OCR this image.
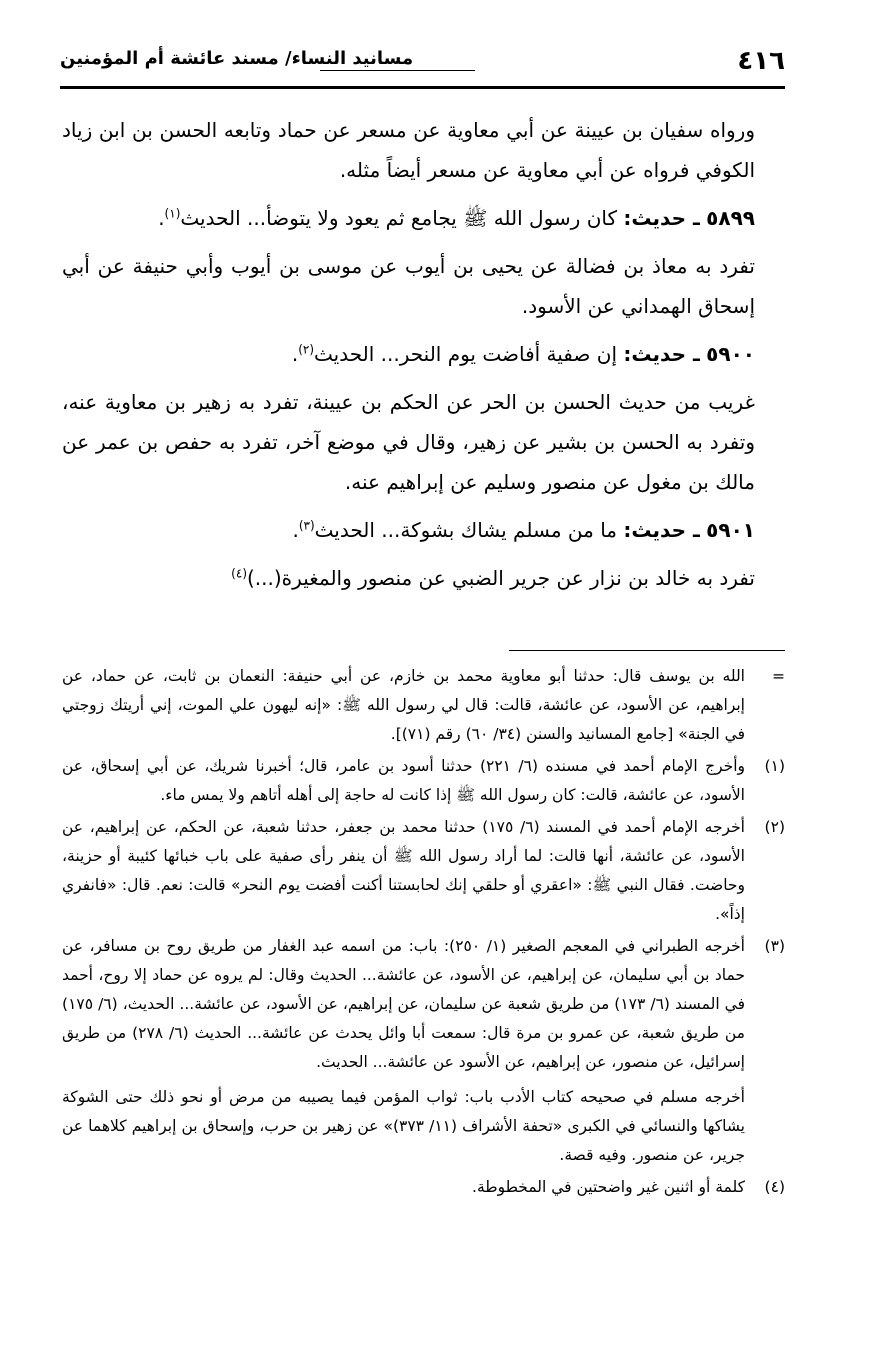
٤١٦
مسانيد النساء/ مسند عائشة أم المؤمنين

ورواه سفيان بن عيينة عن أبي معاوية عن مسعر عن حماد وتابعه الحسن بن ابن زياد الكوفي فرواه عن أبي معاوية عن مسعر أيضاً مثله.

٥٨٩٩ ـ حديث: كان رسول الله ﷺ يجامع ثم يعود ولا يتوضأ... الحديث$^{(١)}$.

تفرد به معاذ بن فضالة عن يحيى بن أيوب عن موسى بن أيوب وأبي حنيفة عن أبي إسحاق الهمداني عن الأسود.

٥٩٠٠ ـ حديث: إن صفية أفاضت يوم النحر... الحديث$^{(٢)}$.

غريب من حديث الحسن بن الحر عن الحكم بن عيينة، تفرد به زهير بن معاوية عنه، وتفرد به الحسن بن بشير عن زهير، وقال في موضع آخر، تفرد به حفص بن عمر عن مالك بن مغول عن منصور وسليم عن إبراهيم عنه.

٥٩٠١ ـ حديث: ما من مسلم يشاك بشوكة... الحديث$^{(٣)}$.

تفرد به خالد بن نزار عن جرير الضبي عن منصور والمغيرة(...)$^{(٤)}$

=

الله بن يوسف قال: حدثنا أبو معاوية محمد بن خازم، عن أبي حنيفة: النعمان بن ثابت، عن حماد، عن إبراهيم، عن الأسود، عن عائشة، قالت: قال لي رسول الله ﷺ: «إنه ليهون علي الموت، إني أريتك زوجتي في الجنة» [جامع المسانيد والسنن (٣٤/ ٦٠) رقم (٧١)].

(١)

وأخرج الإمام أحمد في مسنده (٦/ ٢٢١) حدثنا أسود بن عامر، قال؛ أخبرنا شريك، عن أبي إسحاق، عن الأسود، عن عائشة، قالت: كان رسول الله ﷺ إذا كانت له حاجة إلى أهله أتاهم ولا يمس ماء.

(٢)

أخرجه الإمام أحمد في المسند (٦/ ١٧٥) حدثنا محمد بن جعفر، حدثنا شعبة، عن الحكم، عن إبراهيم، عن الأسود، عن عائشة، أنها قالت: لما أراد رسول الله ﷺ أن ينفر رأى صفية على باب خبائها كئيبة أو حزينة، وحاضت. فقال النبي ﷺ: «اعقري أو حلقي إنك لحابستنا أكنت أفضت يوم النحر» قالت: نعم. قال: «فانفري إذاً».

(٣)

أخرجه الطبراني في المعجم الصغير (١/ ٢٥٠): باب: من اسمه عبد الغفار من طريق روح بن مسافر، عن حماد بن أبي سليمان، عن إبراهيم، عن الأسود، عن عائشة... الحديث وقال: لم يروه عن حماد إلا روح، أحمد في المسند (٦/ ١٧٣) من طريق شعبة عن سليمان، عن إبراهيم، عن الأسود، عن عائشة... الحديث، (٦/ ١٧٥) من طريق شعبة، عن عمرو بن مرة قال: سمعت أبا وائل يحدث عن عائشة... الحديث (٦/ ٢٧٨) من طريق إسرائيل، عن منصور، عن إبراهيم، عن الأسود عن عائشة... الحديث.

أخرجه مسلم في صحيحه كتاب الأدب باب: ثواب المؤمن فيما يصيبه من مرض أو نحو ذلك حتى الشوكة يشاكها والنسائي في الكبرى «تحفة الأشراف (١١/ ٣٧٣)» عن زهير بن حرب، وإسحاق بن إبراهيم كلاهما عن جرير، عن منصور. وفيه قصة.

(٤)

كلمة أو اثنين غير واضحتين في المخطوطة.
